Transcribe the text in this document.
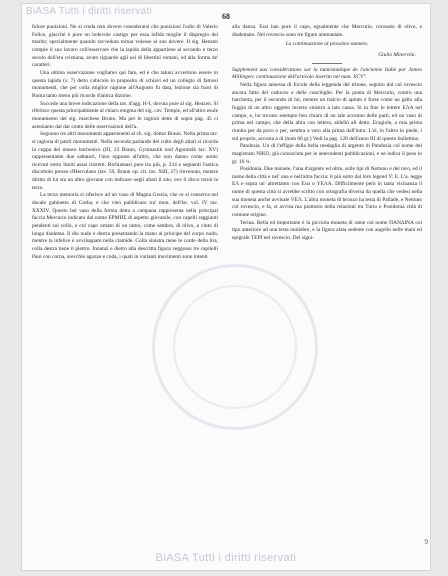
BiASA Tutti i diritti riservati	68

fulure punizioni. Ne si creda non dovere considerarsi che punizioni l'odio di Valerio Felice, giacchè è pure un lodevole castigo per essa infida moglie il dispregio dei maritο; specialmente quando ravveduta tornar volesse al suo dovere. Il sig. Henzen compie il suo lavoro coll'osservare che la lapida della appartiene al secondo o terzo secolo dell'era cristiana, avuto riguardo agli usi di libertini romani, ed alla forma de' caratteri.

Una ultima osservazione vogliamo qui fare, ed è che taluni avvertono essere in questa lapida (v. 7) detto cubiculo in proposito di schiavi ed un collegio di famosi monumenti, che per colla miglior ragione all'Augusto fu data, lezione sia fuori di Roma tanto meno più ricordo d'antica dizione.

Succede una breve indicazione della tav. d'agg. H-I, dovuta pure al sig. Henzen. Si riferisce questa principalmente al chiaro enigma del sig. cav. Temple, ed all'altro esule monumento del sig. marchese Bruno. Ma per le ragioni dette di sopra pag. 45 ci asteniamo dal dar conto delle osservazioni dell'a.

Seguono tre altri monumenti appartenenti al ch. sig. dottor Braun. Nella prima tav. si ragiona di patrii monumenti. Nella seconda parlando del culto degli altari si ricorda la coppa del museo borbonico (III, 23 Braun, Gymnastik und Agonistik tav. XV) rappresentante due saltatori, l'uno opposto all'altro, che non danno come uomo ricevuti entro limiti assai ristretti. Richiamasi pure tra più, p. 234 e seguenti l'antica discobolo presso d'Herculano (tav. 59, Braun op. cit. tav. XIII, 27) rinvenuto, mentre diritto di lui sta un altro giovane con indicare negli altari il sito, ove il disco tornò la terra.

La terza memoria si riferisce ad un vaso di Magna Grecia, che or si conserva nel ducale gabinetto di Gotha, e che vien pubblicato tra' mon. dell'ist. vol. IV tav. XXXIV. Questo bel vaso della forma detta a campana rappresenta nella principal faccia Mercurio indicato dal nome ΕΡΜΗΣ di aspetto giovanile, con capelli raggiunti pendenti sul collo, e col capo ornato di un ramo, come sembra, di olivo, a cinto di lunga diadema. Il dio nudo e destra presentando la mano al principe del corpo nudo, mentre la infelice è avviluppato nella clamide. Colla sinistra tiene le corde della lira, colla destra tiene il plettro. Innanzi e dietro alla descritta figura veggonsi tre capitelli Pani con corna, orecchie aguzze e coda, i quali in varianti movimenti sono intenti

alla danza. Essi han pure il capo, egualmente che Mercurio, coronato di olivo, e diademato. Nel rovescio sono tre figure ammantate.

La continuazione al prossimo numero.

Giulio Minervini.

Supplement aux considérations sur la numismatique de l'ancienne Italie par James Millingen: continuazione dell'articolo inserito nel num. XCV°.

Nella figura annessa di Ercole della leggenda del tritone, seguito dal col rovescio ancora fatto del caduceo e delle conchiglie. Per la punta di Mercurio, contro una barchetta, per il secondo di lui, mentre un tralcio di apium è forse come un gallo alla foggia di un altro oggetto incerto sinistro a lato cassa. Si in fine le lettere ΕΛΑ nel campo, e, ho trovato esempio ben chiaro di un tale accenno delle parti, ed un vaso di prima nel campo, che della altra con lettera, aldellò ali detto. Eragiole, a mia prima riunita per da poco o per, sembra a vero alla prima dall'intra. L'ei, in l'altro in piede, i sul proprio, accosta a di (num 66 gr.) Vedi la pag. 128 dell'anno III di questo bullettino.

Pandosia. Un dì l'effigie della bella medaglia di argento di Pandosia col nome del magistrato ΝΙΚΟ, già conosciuta per le antecedenti pubblicazioni, e ne indica il peso in gr. 16 ¾.

Posidonia. Due monete, l'una d'argento ed oltre, sulle tipi di Nettuno e del toro, ed il nome della città e nel' una e nell'altra faccia: il più sotto dal loro legend V: Ε. L'a. legge ΕΛ e sopra un' altrettanto con Ελα o ΥΕΛΑ. Difficilmente però in tanta vicinanza il nome di questa città si avrebbe scritto con ortografia diversa da quella che vedesi nella sua moneta anche avvisate VΕΛ. L'altra moneta di bronzo ha testa di Pallade, e Nettuno col rovescio, e fa, si avvisa ma piuttosto della relazioni tra Turio e Posidonia città di comune origine.

Terina. Bella ed importante è la picciola moneta di rame col nome ΠΑΝΔΙΝΑ col tipo anteriore ad una testa muliebre, e la figura alata sedente con augello nelle mani ed epigrafe ΤΕΡΙ nel rovescio. Del signi-

9
BiASA Tutti i diritti riservati
